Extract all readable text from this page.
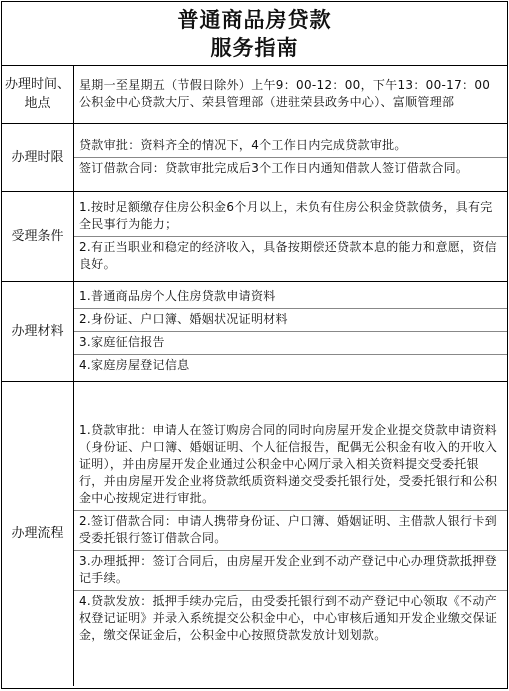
普通商品房贷款
服务指南
办理时间、地点	星期一至星期五（节假日除外）上午9：00-12：00，下午13：00-17：00　公积金中心贷款大厅、荣县管理部（进驻荣县政务中心）、富顺管理部

办理时限	贷款审批：资料齐全的情况下，4个工作日内完成贷款审批。
签订借款合同：贷款审批完成后3个工作日内通知借款人签订借款合同。

受理条件	1.按时足额缴存住房公积金6个月以上，未负有住房公积金贷款债务，具有完全民事行为能力；
2.有正当职业和稳定的经济收入，具备按期偿还贷款本息的能力和意愿，资信良好。

办理材料	1.普通商品房个人住房贷款申请资料
2.身份证、户口簿、婚姻状况证明材料
3.家庭征信报告
4.家庭房屋登记信息

办理流程	1.贷款审批：申请人在签订购房合同的同时向房屋开发企业提交贷款申请资料（身份证、户口簿、婚姻证明、个人征信报告，配偶无公积金有收入的开收入证明），并由房屋开发企业通过公积金中心网厅录入相关资料提交受委托银行，并由房屋开发企业将贷款纸质资料递交受委托银行处，受委托银行和公积金中心按规定进行审批。
2.签订借款合同：申请人携带身份证、户口簿、婚姻证明、主借款人银行卡到受委托银行签订借款合同。
3.办理抵押：签订合同后，由房屋开发企业到不动产登记中心办理贷款抵押登记手续。
4.贷款发放：抵押手续办完后，由受委托银行到不动产登记中心领取《不动产权登记证明》并录入系统提交公积金中心，中心审核后通知开发企业缴交保证金，缴交保证金后，公积金中心按照贷款发放计划划款。
